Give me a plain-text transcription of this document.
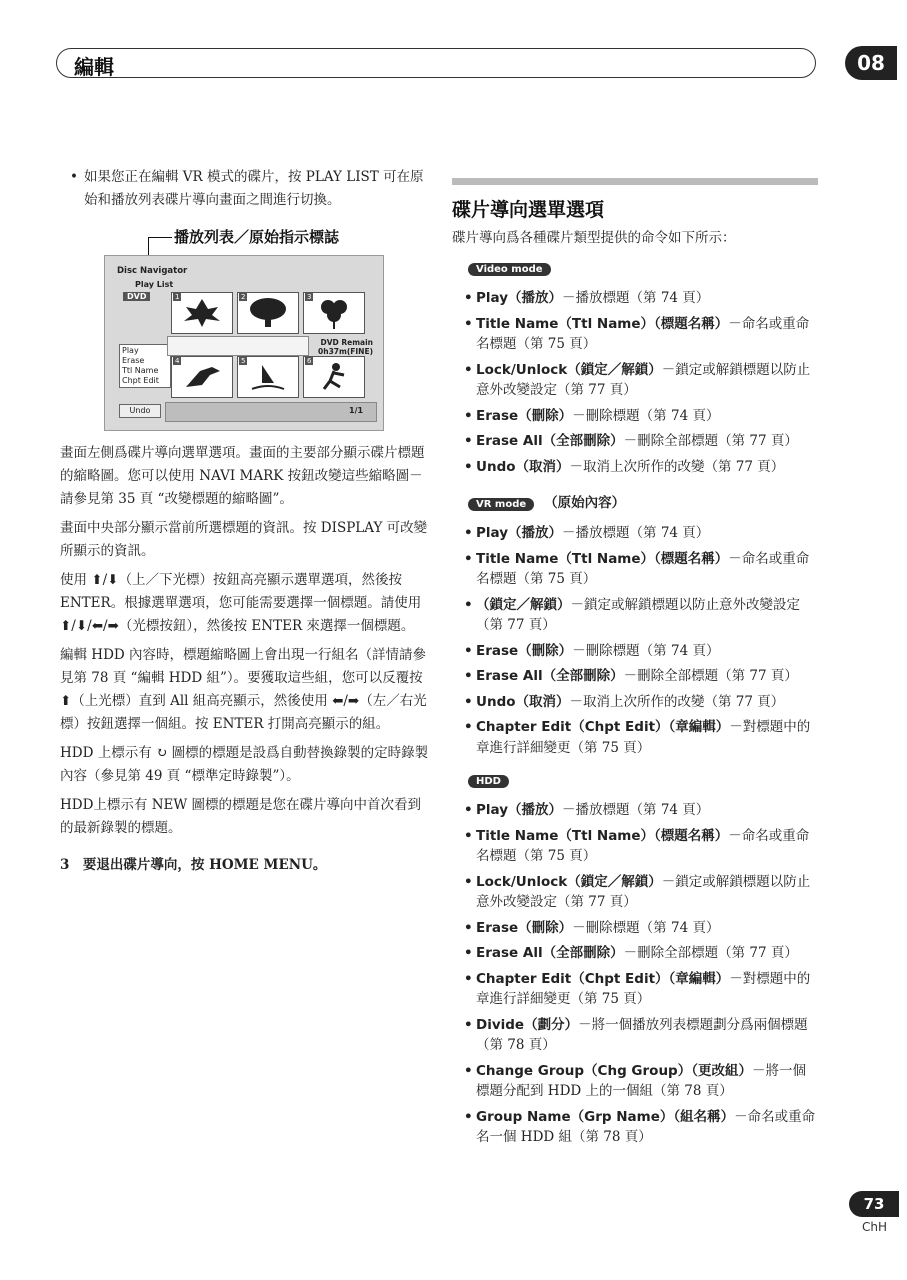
編輯	08

• 如果您正在編輯 VR 模式的碟片，按 PLAY LIST 可在原始和播放列表碟片導向畫面之間進行切換。

播放列表／原始指示標誌
Disc Navigator
Play List
DVD
Play
Erase
Ttl Name
Chpt Edit
Undo
1	2	3
DVD Remain
0h37m(FINE)
4	5	6
1/1

畫面左側爲碟片導向選單選項。畫面的主要部分顯示碟片標題的縮略圖。您可以使用 NAVI MARK 按鈕改變這些縮略圖－請參見第 35 頁 “改變標題的縮略圖”。

畫面中央部分顯示當前所選標題的資訊。按 DISPLAY 可改變所顯示的資訊。

使用 ⬆/⬇（上／下光標）按鈕高亮顯示選單選項，然後按 ENTER。根據選單選項，您可能需要選擇一個標題。請使用 ⬆/⬇/⬅/➡（光標按鈕），然後按 ENTER 來選擇一個標題。

編輯 HDD 內容時，標題縮略圖上會出現一行組名（詳情請參見第 78 頁 “編輯 HDD 組”）。要獲取這些組，您可以反覆按 ⬆（上光標）直到 All 組高亮顯示，然後使用 ⬅/➡（左／右光標）按鈕選擇一個組。按 ENTER 打開高亮顯示的組。

HDD 上標示有 ↻ 圖標的標題是設爲自動替換錄製的定時錄製內容（參見第 49 頁 “標準定時錄製”）。

HDD上標示有 NEW 圖標的標題是您在碟片導向中首次看到的最新錄製的標題。

3　要退出碟片導向，按 HOME MENU。

碟片導向選單選項

碟片導向爲各種碟片類型提供的命令如下所示：

Video mode
• Play（播放）－播放標題（第 74 頁）
• Title Name（Ttl Name）（標題名稱）－命名或重命名標題（第 75 頁）
• Lock/Unlock（鎖定／解鎖）－鎖定或解鎖標題以防止意外改變設定（第 77 頁）
• Erase（刪除）－刪除標題（第 74 頁）
• Erase All（全部刪除）－刪除全部標題（第 77 頁）
• Undo（取消）－取消上次所作的改變（第 77 頁）
VR mode （原始內容）
• Play（播放）－播放標題（第 74 頁）
• Title Name（Ttl Name）（標題名稱）－命名或重命名標題（第 75 頁）
• （鎖定／解鎖）－鎖定或解鎖標題以防止意外改變設定（第 77 頁）
• Erase（刪除）－刪除標題（第 74 頁）
• Erase All（全部刪除）－刪除全部標題（第 77 頁）
• Undo（取消）－取消上次所作的改變（第 77 頁）
• Chapter Edit（Chpt Edit）（章編輯）－對標題中的章進行詳細變更（第 75 頁）
HDD
• Play（播放）－播放標題（第 74 頁）
• Title Name（Ttl Name）（標題名稱）－命名或重命名標題（第 75 頁）
• Lock/Unlock（鎖定／解鎖）－鎖定或解鎖標題以防止意外改變設定（第 77 頁）
• Erase（刪除）－刪除標題（第 74 頁）
• Erase All（全部刪除）－刪除全部標題（第 77 頁）
• Chapter Edit（Chpt Edit）（章編輯）－對標題中的章進行詳細變更（第 75 頁）
• Divide（劃分）－將一個播放列表標題劃分爲兩個標題（第 78 頁）
• Change Group（Chg Group）（更改組）－將一個標題分配到 HDD 上的一個組（第 78 頁）
• Group Name（Grp Name）（組名稱）－命名或重命名一個 HDD 組（第 78 頁）
73
ChH
